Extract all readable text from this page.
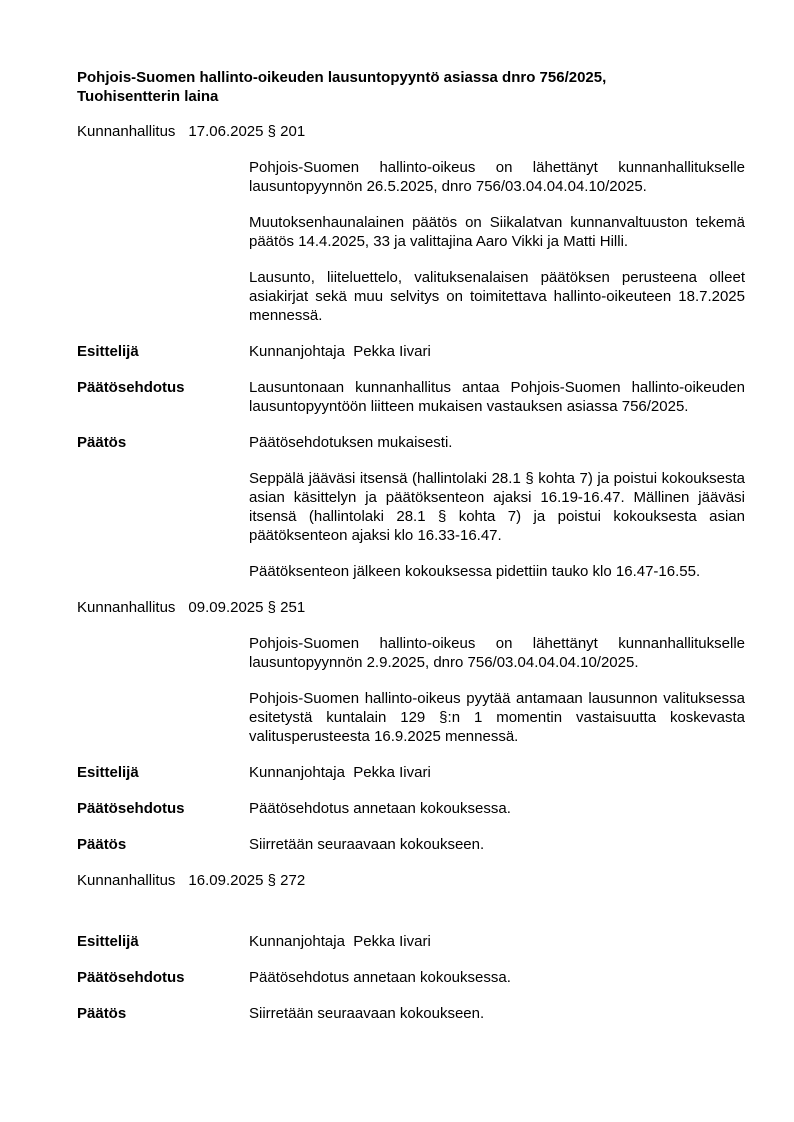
Pohjois-Suomen hallinto-oikeuden lausuntopyyntö asiassa dnro 756/2025,
Tuohisentterin laina
Kunnanhallitus 17.06.2025 § 201
Pohjois-Suomen hallinto-oikeus on lähettänyt kunnanhallitukselle lausuntopyynnön 26.5.2025, dnro 756/03.04.04.04.10/2025.
Muutoksenhaunalainen päätös on Siikalatvan kunnanvaltuuston tekemä päätös 14.4.2025, 33 ja valittajina Aaro Vikki ja Matti Hilli.
Lausunto, liiteluettelo, valituksenalaisen päätöksen perusteena olleet asiakirjat sekä muu selvitys on toimitettava hallinto-oikeuteen 18.7.2025 mennessä.
Esittelijä	Kunnanjohtaja  Pekka Iivari
Päätösehdotus	Lausuntonaan kunnanhallitus antaa Pohjois-Suomen hallinto-oikeuden lausuntopyyntöön liitteen mukaisen vastauksen asiassa 756/2025.
Päätös	Päätösehdotuksen mukaisesti.
Seppälä jääväsi itsensä (hallintolaki 28.1 § kohta 7) ja poistui kokouksesta asian käsittelyn ja päätöksenteon ajaksi 16.19-16.47. Mällinen jääväsi itsensä (hallintolaki 28.1 § kohta 7) ja poistui kokouksesta asian päätöksenteon ajaksi klo 16.33-16.47.
Päätöksenteon jälkeen kokouksessa pidettiin tauko klo 16.47-16.55.
Kunnanhallitus 09.09.2025 § 251
Pohjois-Suomen hallinto-oikeus on lähettänyt kunnanhallitukselle lausuntopyynnön 2.9.2025, dnro 756/03.04.04.04.10/2025.
Pohjois-Suomen hallinto-oikeus pyytää antamaan lausunnon valituksessa esitetystä kuntalain 129 §:n 1 momentin vastaisuutta koskevasta valitusperusteesta 16.9.2025 mennessä.
Esittelijä	Kunnanjohtaja  Pekka Iivari
Päätösehdotus	Päätösehdotus annetaan kokouksessa.
Päätös	Siirretään seuraavaan kokoukseen.
Kunnanhallitus 16.09.2025 § 272
Esittelijä	Kunnanjohtaja  Pekka Iivari
Päätösehdotus	Päätösehdotus annetaan kokouksessa.
Päätös	Siirretään seuraavaan kokoukseen.
